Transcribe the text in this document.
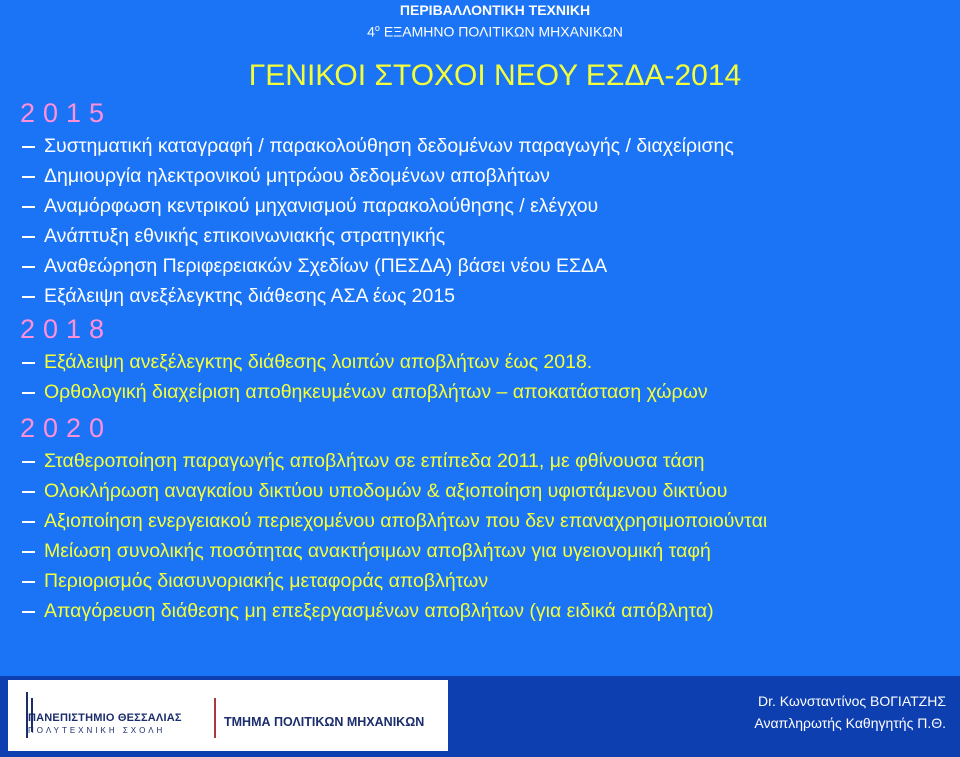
ΠΕΡΙΒΑΛΛΟΝΤΙΚΗ ΤΕΧΝΙΚΗ
$4^o$ ΕΞΑΜΗΝΟ ΠΟΛΙΤΙΚΩΝ ΜΗΧΑΝΙΚΩΝ
ΓΕΝΙΚΟΙ ΣΤΟΧΟΙ ΝΕΟΥ ΕΣΔΑ-2014
2015
Συστηματική καταγραφή / παρακολούθηση δεδομένων παραγωγής / διαχείρισης
Δημιουργία ηλεκτρονικού μητρώου δεδομένων αποβλήτων
Αναμόρφωση κεντρικού μηχανισμού παρακολούθησης / ελέγχου
Ανάπτυξη εθνικής επικοινωνιακής στρατηγικής
Αναθεώρηση Περιφερειακών Σχεδίων (ΠΕΣΔΑ) βάσει νέου ΕΣΔΑ
Εξάλειψη ανεξέλεγκτης διάθεσης ΑΣΑ έως 2015
2018
Εξάλειψη ανεξέλεγκτης διάθεσης λοιπών αποβλήτων έως 2018.
Ορθολογική διαχείριση αποθηκευμένων αποβλήτων – αποκατάσταση χώρων
2020
Σταθεροποίηση παραγωγής αποβλήτων σε επίπεδα 2011, με φθίνουσα τάση
Ολοκλήρωση αναγκαίου δικτύου υποδομών & αξιοποίηση υφιστάμενου δικτύου
Αξιοποίηση ενεργειακού περιεχομένου αποβλήτων που δεν επαναχρησιμοποιούνται
Μείωση συνολικής ποσότητας ανακτήσιμων αποβλήτων για υγειονομική ταφή
Περιορισμός διασυνοριακής μεταφοράς αποβλήτων
Απαγόρευση διάθεσης μη επεξεργασμένων αποβλήτων (για ειδικά απόβλητα)
ΠΑΝΕΠΙΣΤΗΜΙΟ ΘΕΣΣΑΛΙΑΣ
ΠΟΛΥΤΕΧΝΙΚΗ ΣΧΟΛΗ
ΤΜΗΜΑ ΠΟΛΙΤΙΚΩΝ ΜΗΧΑΝΙΚΩΝ
Dr. Κωνσταντίνος ΒΟΓΙΑΤΖΗΣ
Αναπληρωτής Καθηγητής Π.Θ.
